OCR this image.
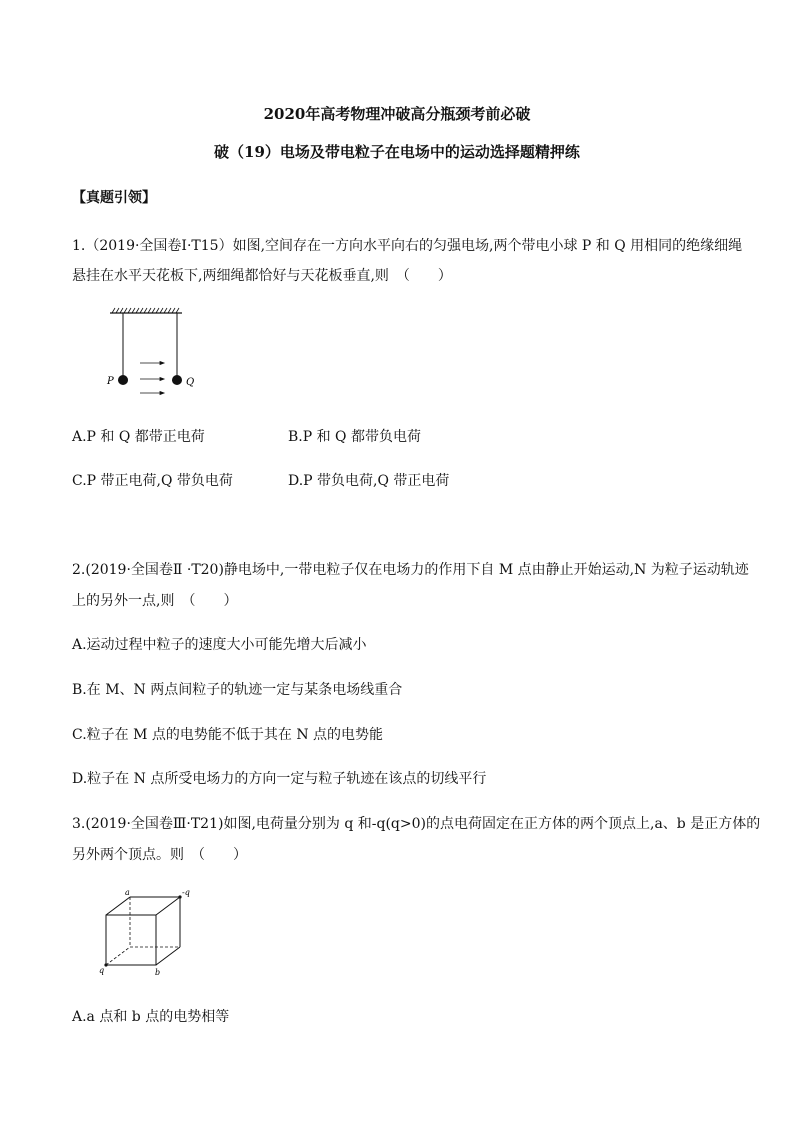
2020年高考物理冲破高分瓶颈考前必破
破（19）电场及带电粒子在电场中的运动选择题精押练
【真题引领】
1.（2019·全国卷Ⅰ·T15）如图,空间存在一方向水平向右的匀强电场,两个带电小球 P 和 Q 用相同的绝缘细绳
悬挂在水平天花板下,两细绳都恰好与天花板垂直,则　（　　）
P	Q
A.P 和 Q 都带正电荷	B.P 和 Q 都带负电荷
C.P 带正电荷,Q 带负电荷	D.P 带负电荷,Q 带正电荷
2.(2019·全国卷Ⅱ ·T20)静电场中,一带电粒子仅在电场力的作用下自 M 点由静止开始运动,N 为粒子运动轨迹
上的另外一点,则　（　　）
A.运动过程中粒子的速度大小可能先增大后减小
B.在 M、N 两点间粒子的轨迹一定与某条电场线重合
C.粒子在 M 点的电势能不低于其在 N 点的电势能
D.粒子在 N 点所受电场力的方向一定与粒子轨迹在该点的切线平行
3.(2019·全国卷Ⅲ·T21)如图,电荷量分别为 q 和-q(q>0)的点电荷固定在正方体的两个顶点上,a、b 是正方体的
另外两个顶点。则　（　　）
a	-q
q	b
A.a 点和 b 点的电势相等
